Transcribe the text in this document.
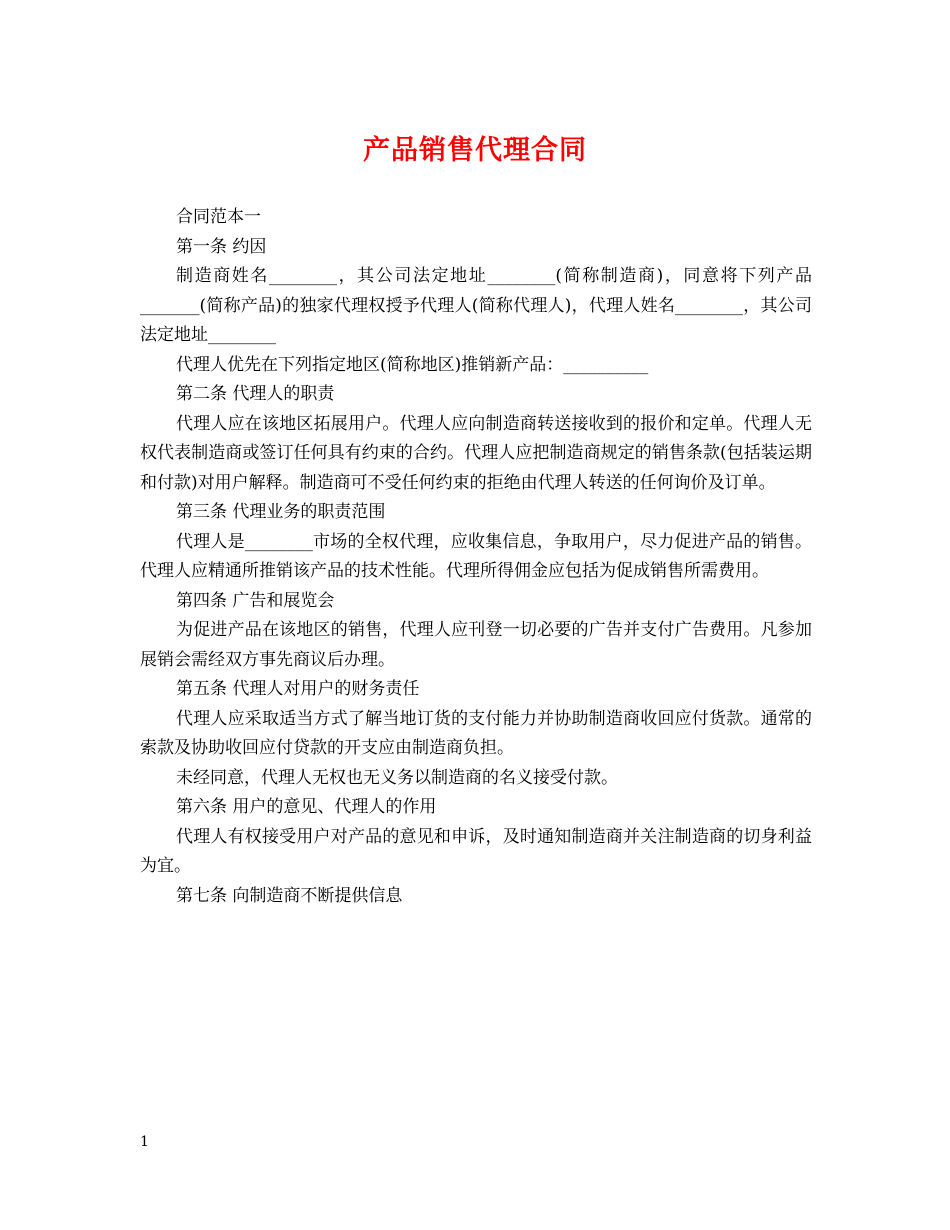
产品销售代理合同

合同范本一

第一条 约因

制造商姓名________，其公司法定地址________(简称制造商)，同意将下列产品_______(简称产品)的独家代理权授予代理人(简称代理人)，代理人姓名________，其公司法定地址________

代理人优先在下列指定地区(简称地区)推销新产品：__________

第二条 代理人的职责

代理人应在该地区拓展用户。代理人应向制造商转送接收到的报价和定单。代理人无权代表制造商或签订任何具有约束的合约。代理人应把制造商规定的销售条款(包括装运期和付款)对用户解释。制造商可不受任何约束的拒绝由代理人转送的任何询价及订单。

第三条 代理业务的职责范围

代理人是________市场的全权代理，应收集信息，争取用户，尽力促进产品的销售。代理人应精通所推销该产品的技术性能。代理所得佣金应包括为促成销售所需费用。

第四条 广告和展览会

为促进产品在该地区的销售，代理人应刊登一切必要的广告并支付广告费用。凡参加展销会需经双方事先商议后办理。

第五条 代理人对用户的财务责任

代理人应采取适当方式了解当地订货的支付能力并协助制造商收回应付货款。通常的索款及协助收回应付贷款的开支应由制造商负担。

未经同意，代理人无权也无义务以制造商的名义接受付款。

第六条 用户的意见、代理人的作用

代理人有权接受用户对产品的意见和申诉，及时通知制造商并关注制造商的切身利益为宜。

第七条 向制造商不断提供信息

1
